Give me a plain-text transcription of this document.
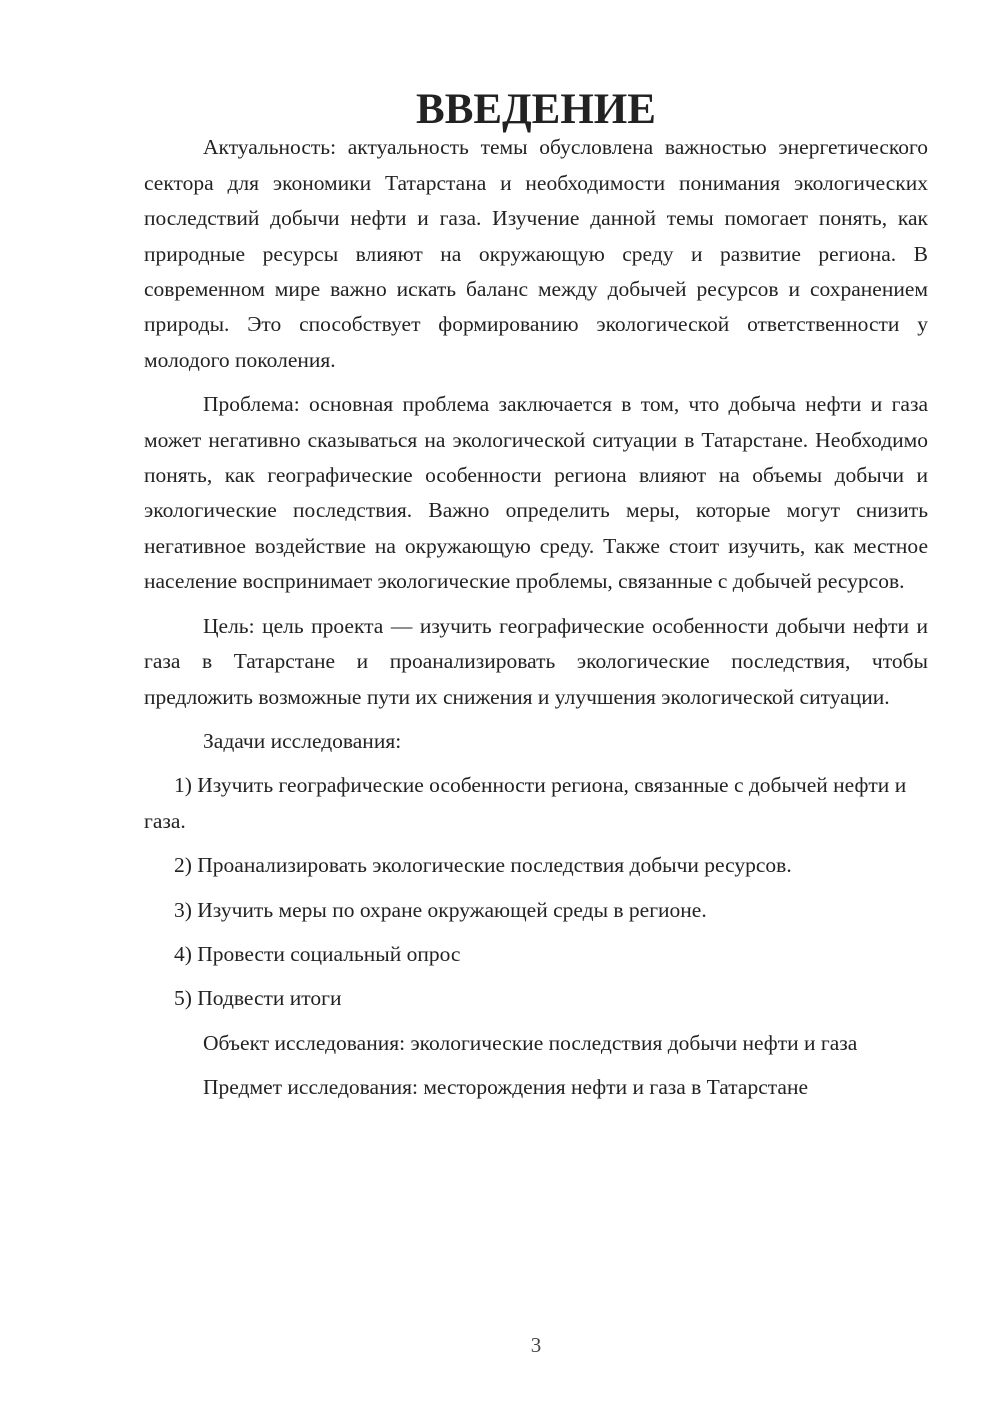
ВВЕДЕНИЕ

Актуальность: актуальность темы обусловлена важностью энергетического сектора для экономики Татарстана и необходимости понимания экологических последствий добычи нефти и газа. Изучение данной темы помогает понять, как природные ресурсы влияют на окружающую среду и развитие региона. В современном мире важно искать баланс между добычей ресурсов и сохранением природы. Это способствует формированию экологической ответственности у молодого поколения.

Проблема: основная проблема заключается в том, что добыча нефти и газа может негативно сказываться на экологической ситуации в Татарстане. Необходимо понять, как географические особенности региона влияют на объемы добычи и экологические последствия. Важно определить меры, которые могут снизить негативное воздействие на окружающую среду. Также стоит изучить, как местное население воспринимает экологические проблемы, связанные с добычей ресурсов.

Цель: цель проекта — изучить географические особенности добычи нефти и газа в Татарстане и проанализировать экологические последствия, чтобы предложить возможные пути их снижения и улучшения экологической ситуации.

Задачи исследования:

1) Изучить географические особенности региона, связанные с добычей нефти и газа.

2) Проанализировать экологические последствия добычи ресурсов.

3) Изучить меры по охране окружающей среды в регионе.

4) Провести социальный опрос

5) Подвести итоги

Объект исследования: экологические последствия добычи нефти и газа

Предмет исследования: месторождения нефти и газа в Татарстане

3
